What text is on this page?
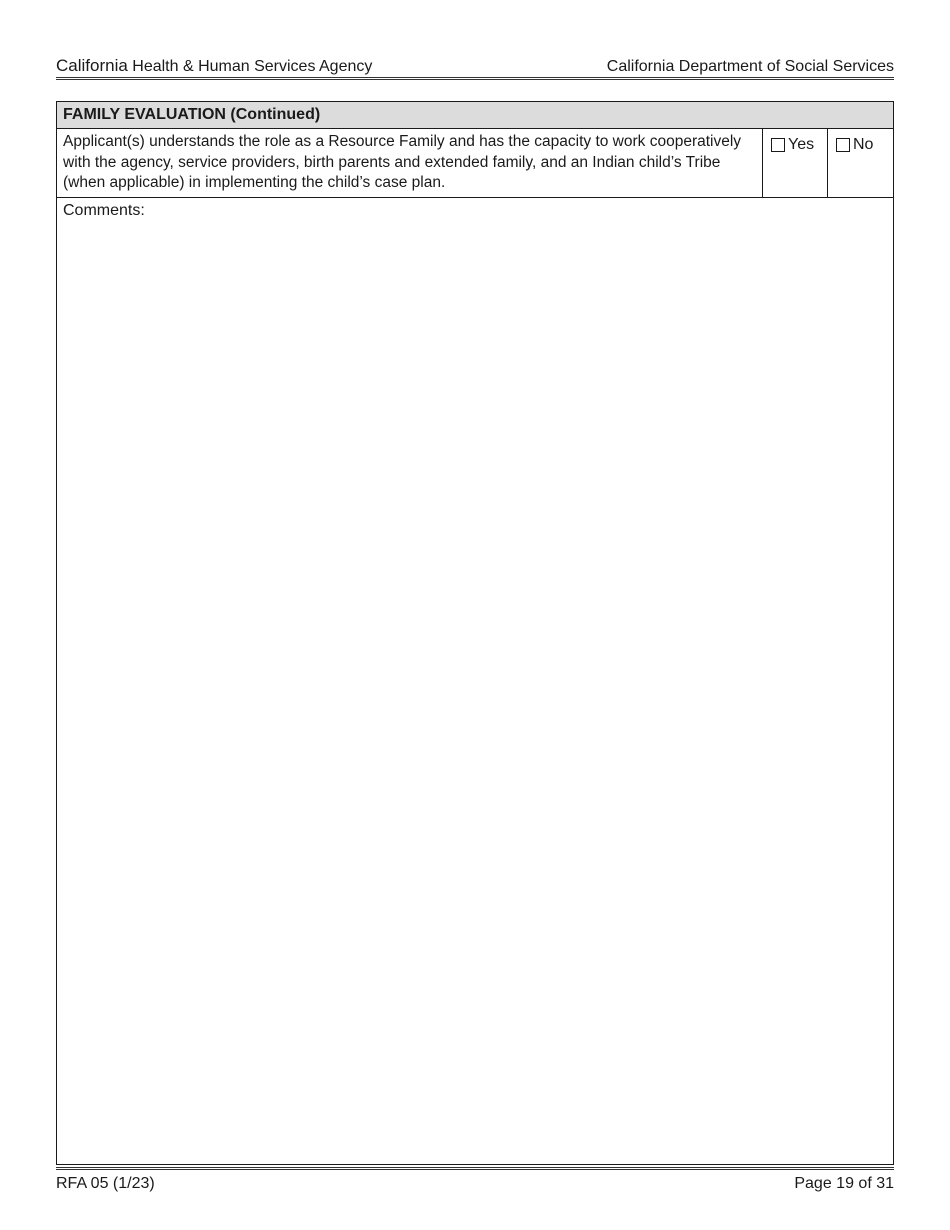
California Health & Human Services Agency	California Department of Social Services
FAMILY EVALUATION (Continued)
Applicant(s) understands the role as a Resource Family and has the capacity to work cooperatively with the agency, service providers, birth parents and extended family, and an Indian child’s Tribe (when applicable) in implementing the child’s case plan.
Yes No
Comments:
RFA 05 (1/23)	Page 19 of 31
